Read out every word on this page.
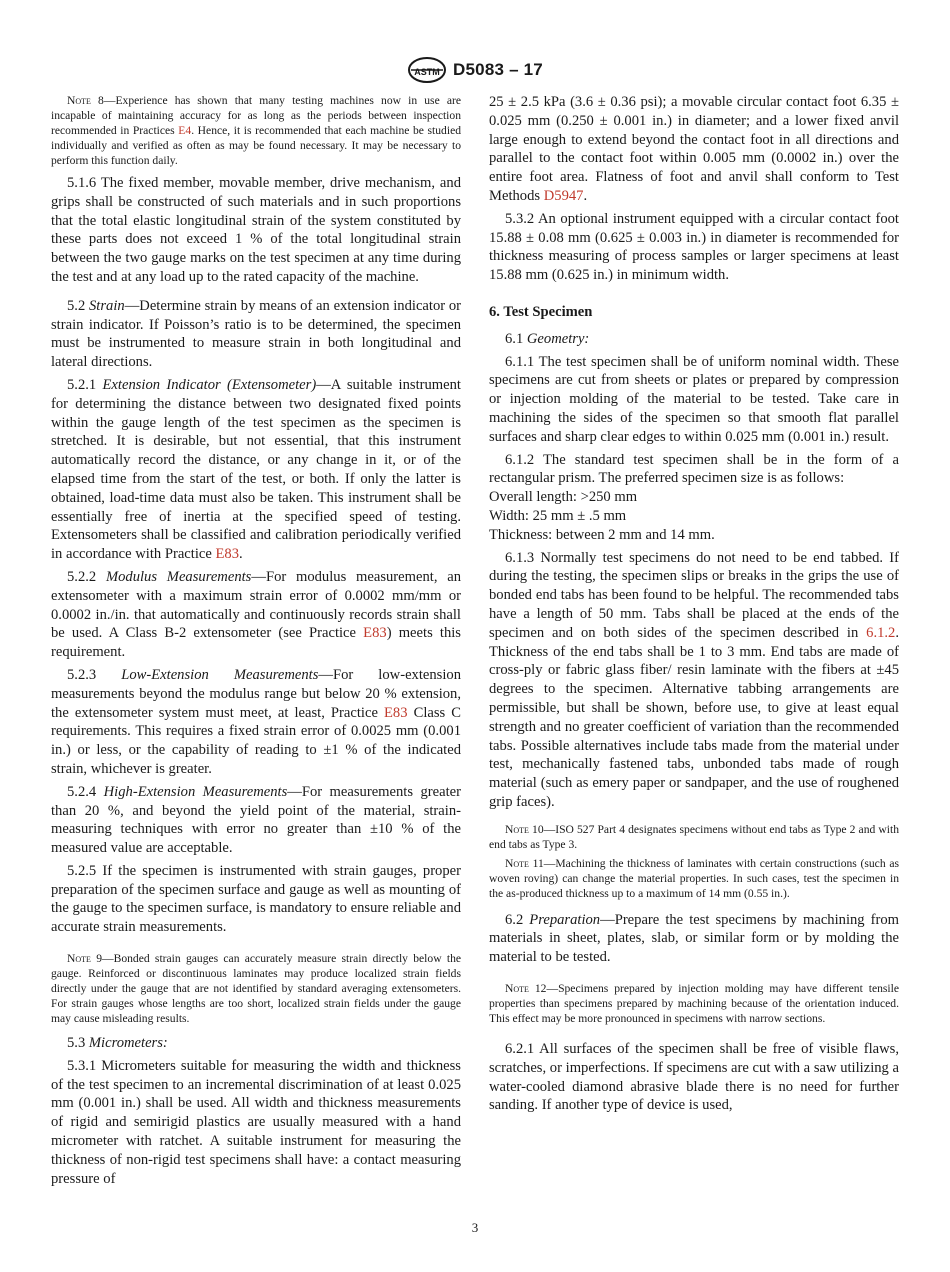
ASTM D5083 – 17

Note 8—Experience has shown that many testing machines now in use are incapable of maintaining accuracy for as long as the periods between inspection recommended in Practices E4. Hence, it is recommended that each machine be studied individually and verified as often as may be found necessary. It may be necessary to perform this function daily.

5.1.6 The fixed member, movable member, drive mechanism, and grips shall be constructed of such materials and in such proportions that the total elastic longitudinal strain of the system constituted by these parts does not exceed 1 % of the total longitudinal strain between the two gauge marks on the test specimen at any time during the test and at any load up to the rated capacity of the machine.

5.2 Strain—Determine strain by means of an extension indicator or strain indicator. If Poisson’s ratio is to be determined, the specimen must be instrumented to measure strain in both longitudinal and lateral directions.

5.2.1 Extension Indicator (Extensometer)—A suitable instrument for determining the distance between two designated fixed points within the gauge length of the test specimen as the specimen is stretched. It is desirable, but not essential, that this instrument automatically record the distance, or any change in it, or of the elapsed time from the start of the test, or both. If only the latter is obtained, load-time data must also be taken. This instrument shall be essentially free of inertia at the specified speed of testing. Extensometers shall be classified and calibration periodically verified in accordance with Practice E83.

5.2.2 Modulus Measurements—For modulus measurement, an extensometer with a maximum strain error of 0.0002 mm/mm or 0.0002 in./in. that automatically and continuously records strain shall be used. A Class B-2 extensometer (see Practice E83) meets this requirement.

5.2.3 Low-Extension Measurements—For low-extension measurements beyond the modulus range but below 20 % extension, the extensometer system must meet, at least, Practice E83 Class C requirements. This requires a fixed strain error of 0.0025 mm (0.001 in.) or less, or the capability of reading to ±1 % of the indicated strain, whichever is greater.

5.2.4 High-Extension Measurements—For measurements greater than 20 %, and beyond the yield point of the material, strain-measuring techniques with error no greater than ±10 % of the measured value are acceptable.

5.2.5 If the specimen is instrumented with strain gauges, proper preparation of the specimen surface and gauge as well as mounting of the gauge to the specimen surface, is mandatory to ensure reliable and accurate strain measurements.

Note 9—Bonded strain gauges can accurately measure strain directly below the gauge. Reinforced or discontinuous laminates may produce localized strain fields directly under the gauge that are not identified by standard averaging extensometers. For strain gauges whose lengths are too short, localized strain fields under the gauge may cause misleading results.

5.3 Micrometers:

5.3.1 Micrometers suitable for measuring the width and thickness of the test specimen to an incremental discrimination of at least 0.025 mm (0.001 in.) shall be used. All width and thickness measurements of rigid and semirigid plastics are usually measured with a hand micrometer with ratchet. A suitable instrument for measuring the thickness of non-rigid test specimens shall have: a contact measuring pressure of

25 ± 2.5 kPa (3.6 ± 0.36 psi); a movable circular contact foot 6.35 ± 0.025 mm (0.250 ± 0.001 in.) in diameter; and a lower fixed anvil large enough to extend beyond the contact foot in all directions and parallel to the contact foot within 0.005 mm (0.0002 in.) over the entire foot area. Flatness of foot and anvil shall conform to Test Methods D5947.

5.3.2 An optional instrument equipped with a circular contact foot 15.88 ± 0.08 mm (0.625 ± 0.003 in.) in diameter is recommended for thickness measuring of process samples or larger specimens at least 15.88 mm (0.625 in.) in minimum width.

6. Test Specimen

6.1 Geometry:

6.1.1 The test specimen shall be of uniform nominal width. These specimens are cut from sheets or plates or prepared by compression or injection molding of the material to be tested. Take care in machining the sides of the specimen so that smooth flat parallel surfaces and sharp clear edges to within 0.025 mm (0.001 in.) result.

6.1.2 The standard test specimen shall be in the form of a rectangular prism. The preferred specimen size is as follows:

Overall length: >250 mm

Width: 25 mm ± .5 mm

Thickness: between 2 mm and 14 mm.

6.1.3 Normally test specimens do not need to be end tabbed. If during the testing, the specimen slips or breaks in the grips the use of bonded end tabs has been found to be helpful. The recommended tabs have a length of 50 mm. Tabs shall be placed at the ends of the specimen and on both sides of the specimen described in 6.1.2. Thickness of the end tabs shall be 1 to 3 mm. End tabs are made of cross-ply or fabric glass fiber/ resin laminate with the fibers at ±45 degrees to the specimen. Alternative tabbing arrangements are permissible, but shall be shown, before use, to give at least equal strength and no greater coefficient of variation than the recommended tabs. Possible alternatives include tabs made from the material under test, mechanically fastened tabs, unbonded tabs made of rough material (such as emery paper or sandpaper, and the use of roughened grip faces).

Note 10—ISO 527 Part 4 designates specimens without end tabs as Type 2 and with end tabs as Type 3.

Note 11—Machining the thickness of laminates with certain constructions (such as woven roving) can change the material properties. In such cases, test the specimen in the as-produced thickness up to a maximum of 14 mm (0.55 in.).

6.2 Preparation—Prepare the test specimens by machining from materials in sheet, plates, slab, or similar form or by molding the material to be tested.

Note 12—Specimens prepared by injection molding may have different tensile properties than specimens prepared by machining because of the orientation induced. This effect may be more pronounced in specimens with narrow sections.

6.2.1 All surfaces of the specimen shall be free of visible flaws, scratches, or imperfections. If specimens are cut with a saw utilizing a water-cooled diamond abrasive blade there is no need for further sanding. If another type of device is used,

3
